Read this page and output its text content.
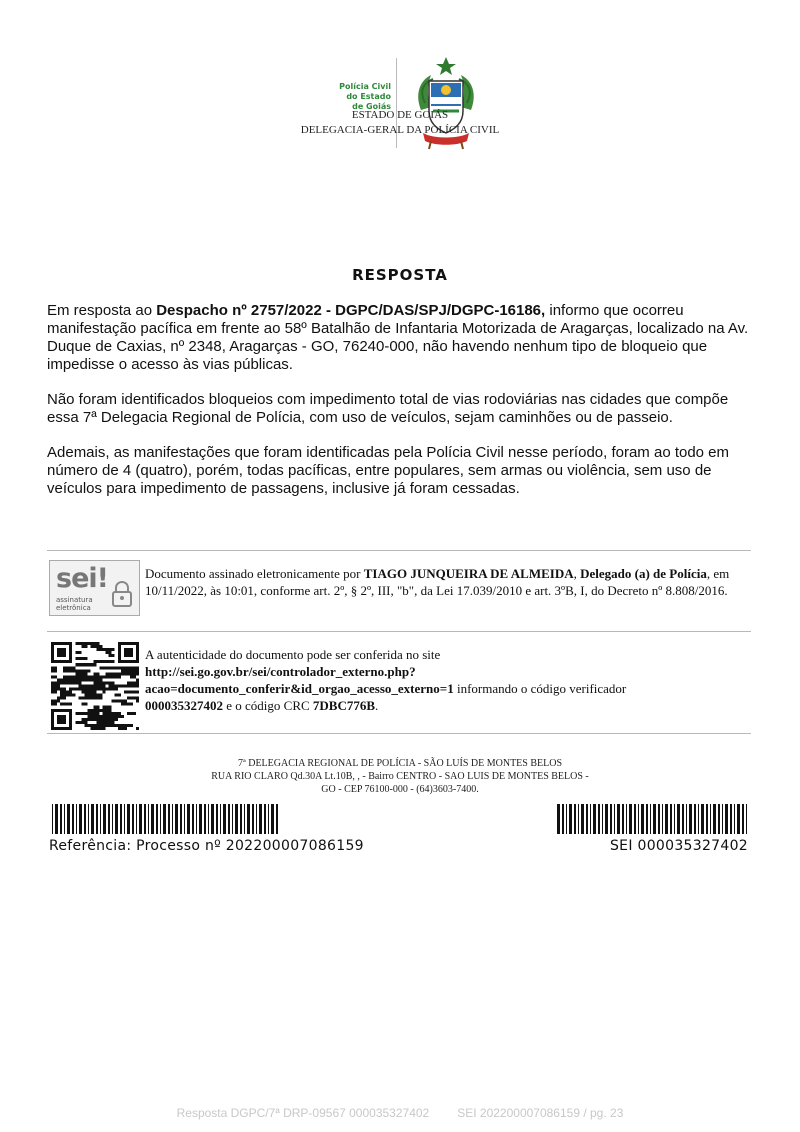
Polícia Civil
do Estado
de Goiás
ESTADO DE GOIÁS
DELEGACIA-GERAL DA POLÍCIA CIVIL
RESPOSTA

Em resposta ao Despacho nº 2757/2022 - DGPC/DAS/SPJ/DGPC-16186, informo que ocorreu manifestação pacífica em frente ao 58º Batalhão de Infantaria Motorizada de Aragarças, localizado na Av. Duque de Caxias, nº 2348, Aragarças - GO, 76240-000, não havendo nenhum tipo de bloqueio que impedisse o acesso às vias públicas.

Não foram identificados bloqueios com impedimento total de vias rodoviárias nas cidades que compõe essa 7ª Delegacia Regional de Polícia, com uso de veículos, sejam caminhões ou de passeio.

Ademais, as manifestações que foram identificadas pela Polícia Civil nesse período, foram ao todo em número de 4 (quatro), porém, todas pacíficas, entre populares, sem armas ou violência, sem uso de veículos para impedimento de passagens, inclusive já foram cessadas.

sei!
assinatura
eletrônica
Documento assinado eletronicamente por TIAGO JUNQUEIRA DE ALMEIDA, Delegado (a) de Polícia, em 10/11/2022, às 10:01, conforme art. 2º, § 2º, III, "b", da Lei 17.039/2010 e art. 3ºB, I, do Decreto nº 8.808/2016.
A autenticidade do documento pode ser conferida no site
http://sei.go.gov.br/sei/controlador_externo.php?
acao=documento_conferir&id_orgao_acesso_externo=1 informando o código verificador
000035327402 e o código CRC 7DBC776B.
7ª DELEGACIA REGIONAL DE POLÍCIA - SÃO LUÍS DE MONTES BELOS
RUA RIO CLARO Qd.30A Lt.10B, , - Bairro CENTRO - SAO LUIS DE MONTES BELOS -
GO - CEP 76100-000 - (64)3603-7400.
Referência: Processo nº 202200007086159	SEI 000035327402
Resposta DGPC/7ª DRP-09567 000035327402 SEI 202200007086159 / pg. 23
